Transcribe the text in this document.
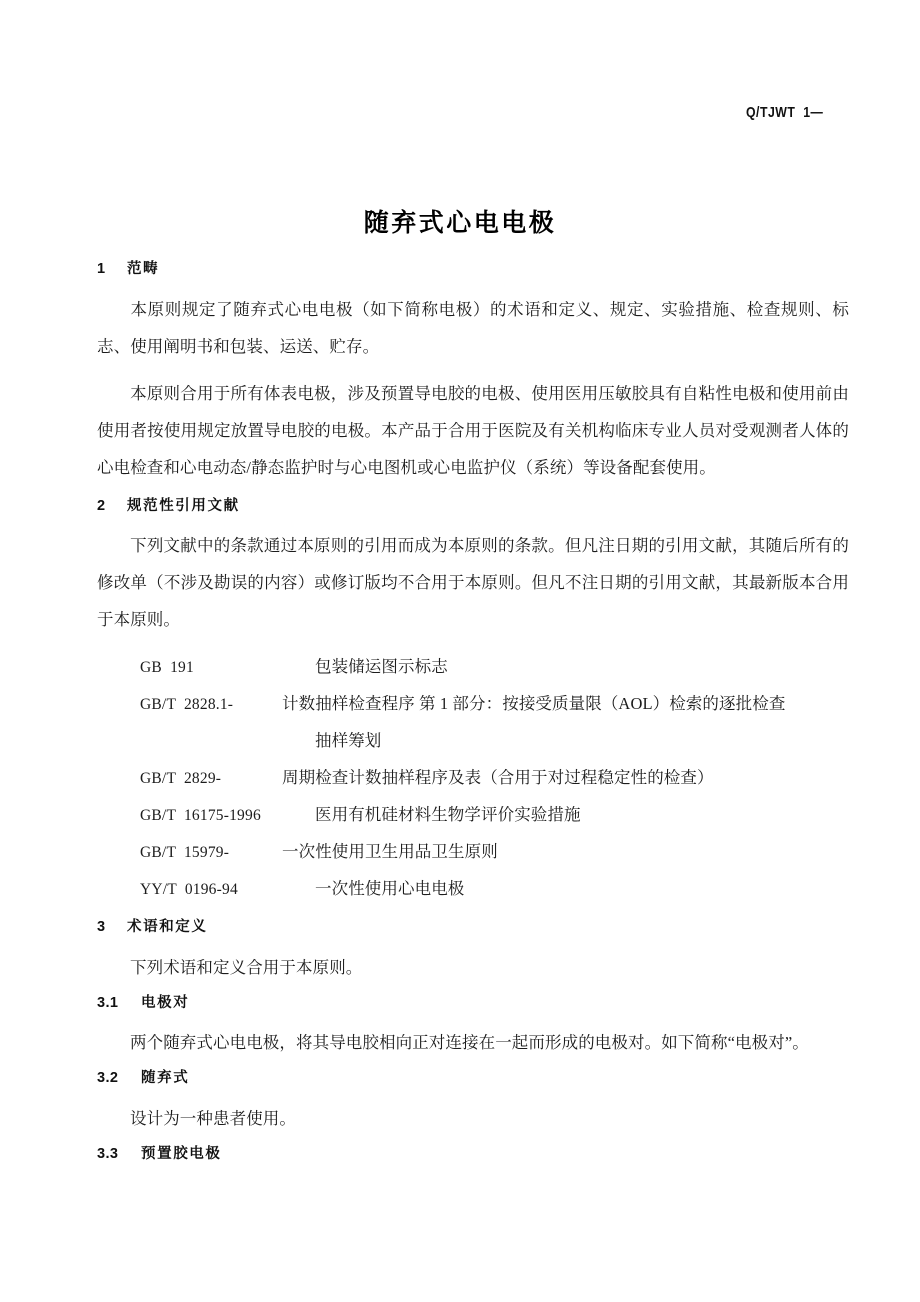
Q/TJWT  1—
随弃式心电电极
1 范畴

本原则规定了随弃式心电电极（如下简称电极）的术语和定义、规定、实验措施、检查规则、标志、使用阐明书和包装、运送、贮存。

本原则合用于所有体表电极，涉及预置导电胶的电极、使用医用压敏胶具有自粘性电极和使用前由使用者按使用规定放置导电胶的电极。本产品于合用于医院及有关机构临床专业人员对受观测者人体的心电检查和心电动态/静态监护时与心电图机或心电监护仪（系统）等设备配套使用。

2 规范性引用文献

下列文献中的条款通过本原则的引用而成为本原则的条款。但凡注日期的引用文献，其随后所有的修改单（不涉及勘误的内容）或修订版均不合用于本原则。但凡不注日期的引用文献，其最新版本合用于本原则。

GB  191	包装储运图示标志
GB/T  2828.1-	计数抽样检查程序 第 1 部分：按接受质量限（AOL）检索的逐批检查
抽样筹划
GB/T  2829-	周期检查计数抽样程序及表（合用于对过程稳定性的检查）
GB/T  16175-1996	医用有机硅材料生物学评价实验措施
GB/T  15979-	一次性使用卫生用品卫生原则
YY/T  0196-94	一次性使用心电电极
3 术语和定义

下列术语和定义合用于本原则。

3.1 电极对

两个随弃式心电电极，将其导电胶相向正对连接在一起而形成的电极对。如下简称“电极对”。

3.2 随弃式

设计为一种患者使用。

3.3 预置胶电极
